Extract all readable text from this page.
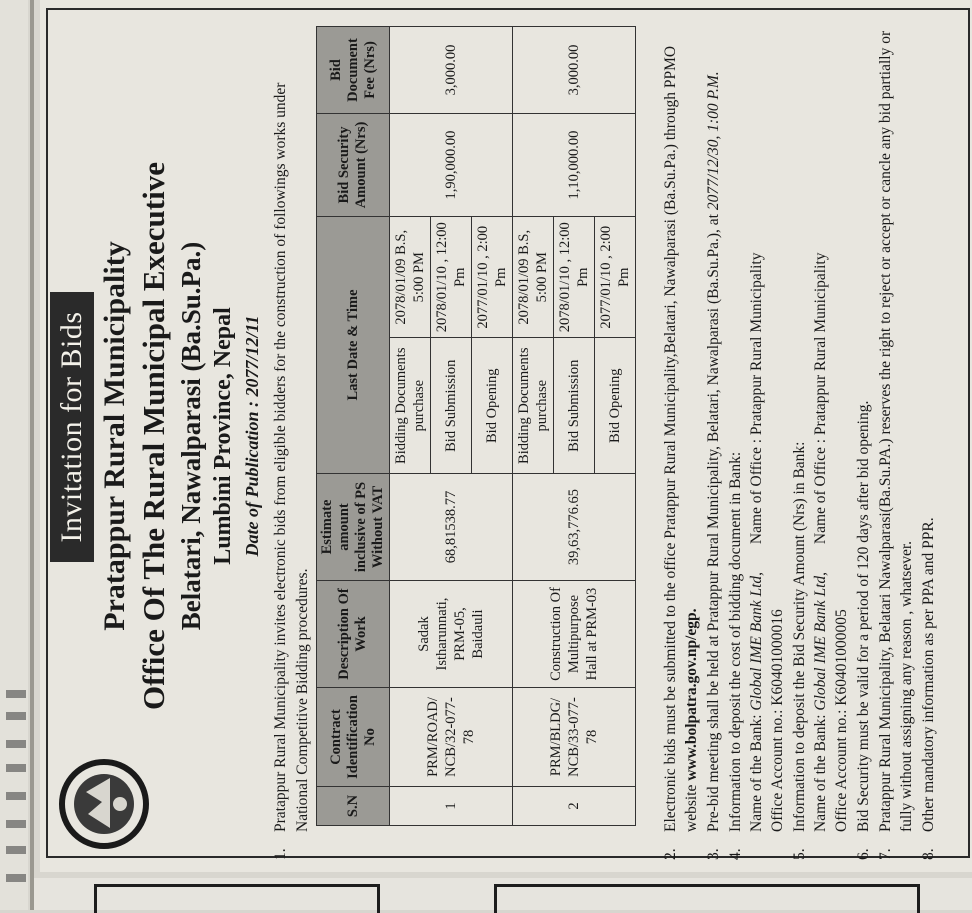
Invitation for Bids Pratappur Rural Municipality Office Of The Rural Municipal Executive Belatari, Nawalparasi (Ba.Su.Pa.) Lumbini Province, Nepal Date of Publication : 2077/12/11
1.
Pratappur Rural Municipality invites electronic bids from eligible bidders for the construction of followings works under National Competitive Bidding procedures. S.N	Contract Identification No	Description Of Work	Estimate amount inclusive of PS Without VAT	Last Date & Time		Bid Security Amount (Nrs)	Bid Document Fee (Nrs)
1	PRM/ROAD/ NCB/32-077-78	Sadak Istharunnati, PRM-05, Baidauli	68,81538.77	Bidding Documents purchase	2078/01/09 B.S, 5:00 PM	1,90,000.00	3,000.00
				Bid Submission	2078/01/10 , 12:00 Pm		
				Bid Opening	2077/01/10 , 2:00 Pm		
2	PRM/BLDG/ NCB/33-077-78	Construction Of Multipurpose Hall at PRM-03	39,63,776.65	Bidding Documents purchase	2078/01/09 B.S, 5:00 PM	1,10,000.00	3,000.00
				Bid Submission	2078/01/10 , 12:00 Pm		
				Bid Opening	2077/01/10 , 2:00 Pm		
2.
Electronic bids must be submitted to the office Pratappur Rural Municipality,Belatari, Nawalparasi (Ba.Su.Pa.) through PPMO website www.bolpatra.gov.np/egp.
3.
Pre-bid meeting shall be held at Pratappur Rural Municipality, Belatari, Nawalparasi (Ba.Su.Pa.), at 2077/12/30, 1:00 P.M.
4.
Information to deposit the cost of bidding document in Bank: Name of the Bank: Global IME Bank Ltd, Name of Office : Pratappur Rural Municipality
Office Account no.: K60401000016
5.
Information to deposit the Bid Security Amount (Nrs) in Bank: Name of the Bank: Global IME Bank Ltd, Name of Office : Pratappur Rural Municipality
Office Account no.: K60401000005
6.
Bid Security must be valid for a period of 120 days after bid opening.
7.
Pratappur Rural Municipality, Belatari Nawalparasi(Ba.Su.PA.) reserves the right to reject or accept or cancle any bid partially or fully without assigning any reason , whatsever.
8.
Other mandatory information as per PPA and PPR.
